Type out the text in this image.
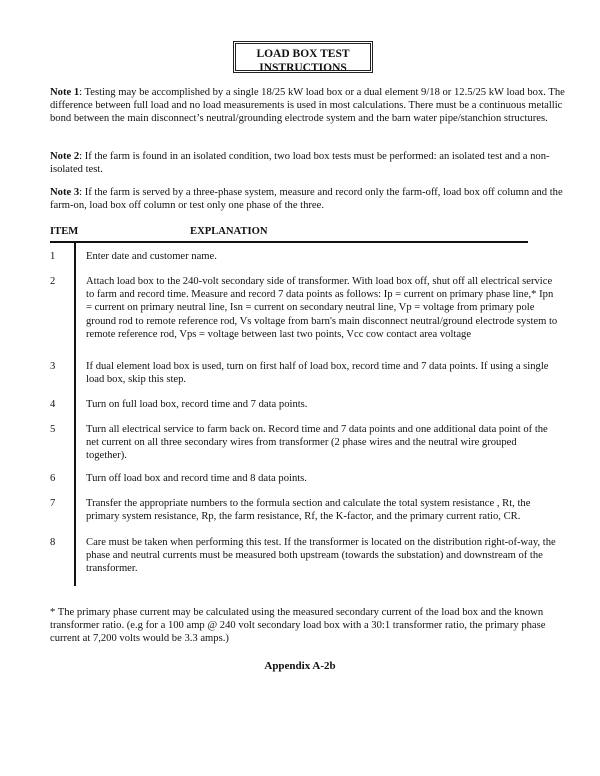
LOAD BOX TEST
INSTRUCTIONS

Note 1: Testing may be accomplished by a single 18/25 kW load box or a dual element 9/18 or 12.5/25 kW load box. The difference between full load and no load measurements is used in most calculations. There must be a continuous metallic bond between the main disconnect’s neutral/grounding electrode system and the barn water pipe/stanchion structures.

Note 2: If the farm is found in an isolated condition, two load box tests must be performed: an isolated test and a non-isolated test.

Note 3: If the farm is served by a three-phase system, measure and record only the farm-off, load box off column and the farm-on, load box off column or test only one phase of the three.

ITEM	EXPLANATION
1	Enter date and customer name.
2	Attach load box to the 240-volt secondary side of transformer. With load box off, shut off all electrical service to farm and record time. Measure and record 7 data points as follows: Ip = current on primary phase line,* Ipn = current on primary neutral line, Isn = current on secondary neutral line, Vp = voltage from primary pole ground rod to remote reference rod, Vs voltage from barn's main disconnect neutral/ground electrode system to remote reference rod, Vps = voltage between last two points, Vcc cow contact area voltage
3	If dual element load box is used, turn on first half of load box, record time and 7 data points. If using a single load box, skip this step.
4	Turn on full load box, record time and 7 data points.
5	Turn all electrical service to farm back on. Record time and 7 data points and one additional data point of the net current on all three secondary wires from transformer (2 phase wires and the neutral wire grouped together).
6	Turn off load box and record time and 8 data points.
7	Transfer the appropriate numbers to the formula section and calculate the total system resistance , Rt, the primary system resistance, Rp, the farm resistance, Rf, the K-factor, and the primary current ratio, CR.
8	Care must be taken when performing this test. If the transformer is located on the distribution right-of-way, the phase and neutral currents must be measured both upstream (towards the substation) and downstream of the transformer.

* The primary phase current may be calculated using the measured secondary current of the load box and the known transformer ratio. (e.g for a 100 amp @ 240 volt secondary load box with a 30:1 transformer ratio, the primary phase current at 7,200 volts would be 3.3 amps.)

Appendix A-2b
